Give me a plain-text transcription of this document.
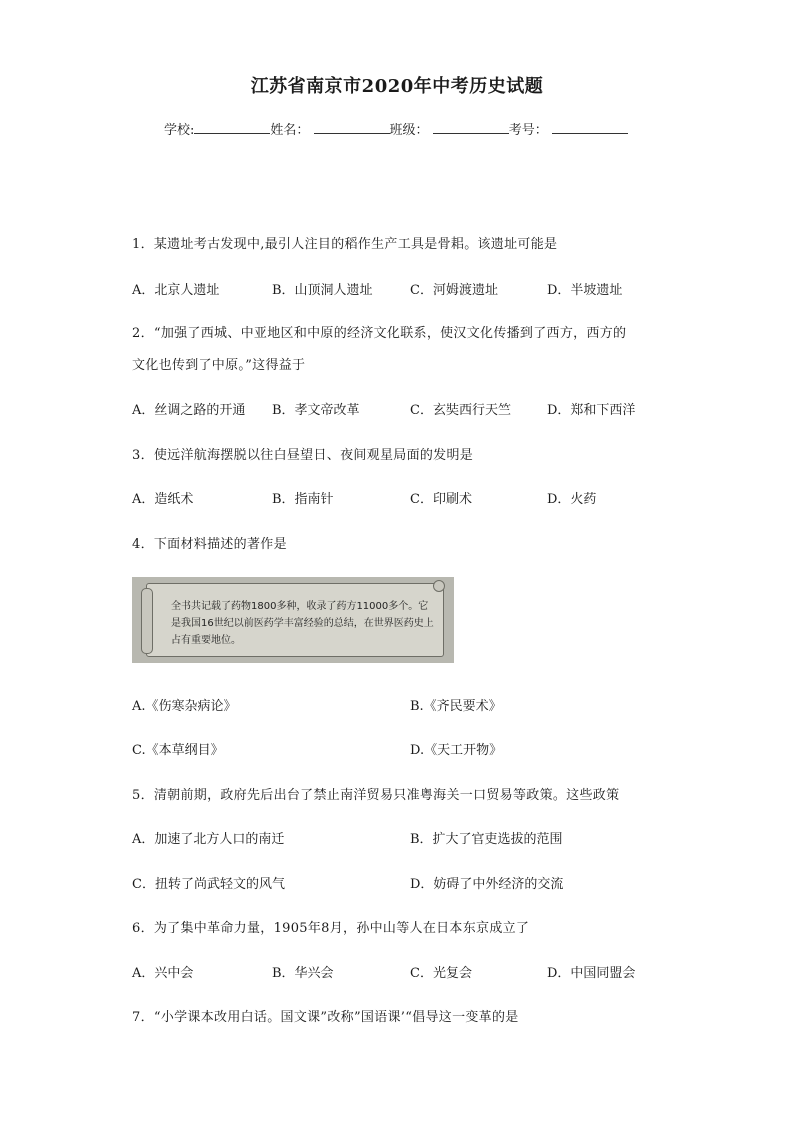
江苏省南京市2020年中考历史试题
学校:	姓名：	班级：	考号：
1．某遗址考古发现中,最引人注目的稻作生产工具是骨耜。该遗址可能是
A．北京人遗址	B．山顶洞人遗址	C．河姆渡遗址	D．半坡遗址
2．“加强了西城、中亚地区和中原的经济文化联系，使汉文化传播到了西方，西方的
文化也传到了中原。”这得益于
A．丝调之路的开通 B．孝文帝改革	C．玄奘西行天竺	D．郑和下西洋
3．使远洋航海摆脱以往白昼望日、夜间观星局面的发明是
A．造纸术	B．指南针	C．印刷术	D．火药
4．下面材料描述的著作是
全书共记载了药物1800多种，收录了药方11000多个。它是我国16世纪以前医药学丰富经验的总结，在世界医药史上占有重要地位。
A.《伤寒杂病论》	B.《齐民要术》
C.《本草纲目》	D.《天工开物》
5．清朝前期，政府先后出台了禁止南洋贸易只准粤海关一口贸易等政策。这些政策
A．加速了北方人口的南迁	B．扩大了官吏选拔的范围
C．扭转了尚武轻文的风气	D．妨碍了中外经济的交流
6．为了集中革命力量，1905年8月，孙中山等人在日本东京成立了
A．兴中会	B．华兴会	C．光复会	D．中国同盟会
7．“小学课本改用白话。国文课”改称”国语课’“倡导这一变革的是
